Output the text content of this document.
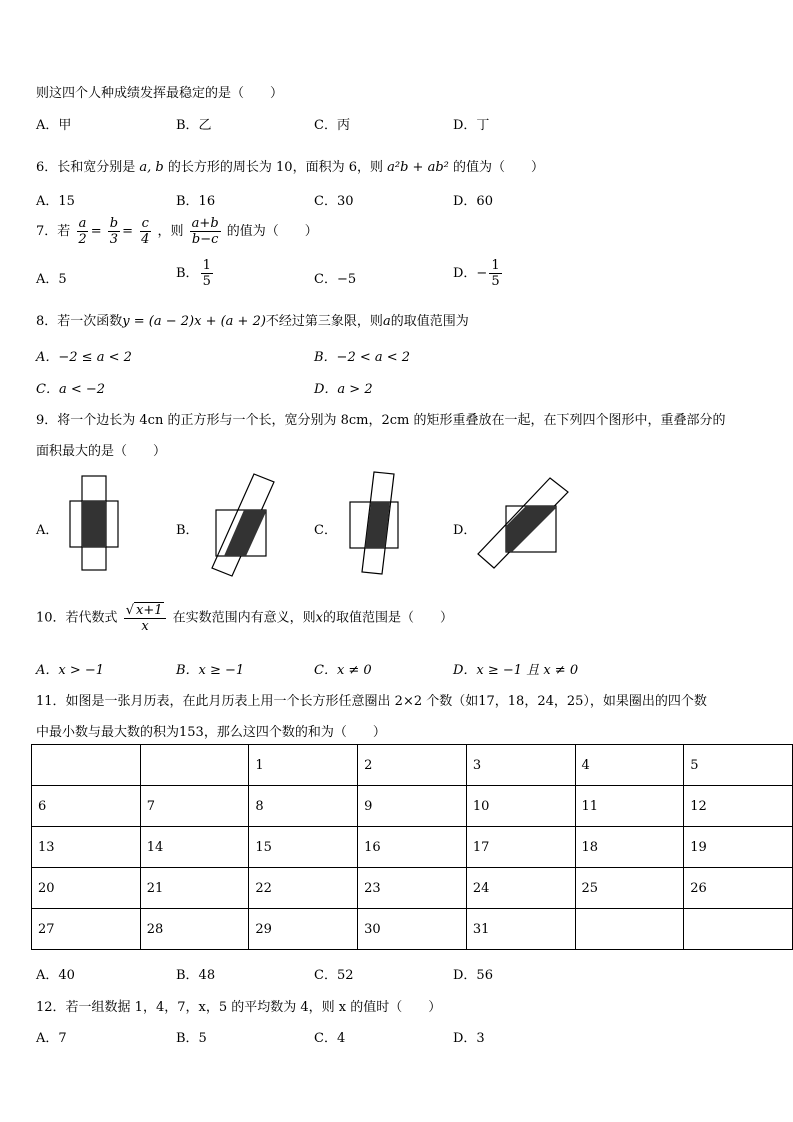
则这四个人种成绩发挥最稳定的是（　　）
A．甲	B．乙	C．丙	D．丁
6．长和宽分别是 a, b 的长方形的周长为 10，面积为 6，则 a²b + ab² 的值为（　　）
A．15	B．16	C．30	D．60
7．若 $\frac{a}{2} = \frac{b}{3} = \frac{c}{4}$ ，则 $\frac{a+b}{b-c}$ 的值为（　　）
A．5	B． $\frac{1}{5}$	C．−5	D．− $\frac{1}{5}$
8．若一次函数y = (a − 2)x + (a + 2)不经过第三象限，则a的取值范围为
A．−2 ≤ a < 2	B．−2 < a < 2
C．a < −2	D．a > 2
9．将一个边长为 4cn 的正方形与一个长，宽分别为 8cm，2cm 的矩形重叠放在一起，在下列四个图形中，重叠部分的
面积最大的是（　　）
A．	B．	C．	D．
10．若代数式 $\frac{√ x+1}{x}$ 在实数范围内有意义，则x的取值范围是（　　）
A．x > −1	B．x ≥ −1	C．x ≠ 0	D．x ≥ −1 且 x ≠ 0
11．如图是一张月历表，在此月历表上用一个长方形任意圈出 2×2 个数（如17，18，24，25），如果圈出的四个数
中最小数与最大数的积为153，那么这四个数的和为（　　）
		1	2	3	4	5
6	7	8	9	10	11	12
13	14	15	16	17	18	19
20	21	22	23	24	25	26
27	28	29	30	31		
A．40	B．48	C．52	D．56
12．若一组数据 1，4，7，x，5 的平均数为 4，则 x 的值时（　　）
A．7	B．5	C．4	D．3
